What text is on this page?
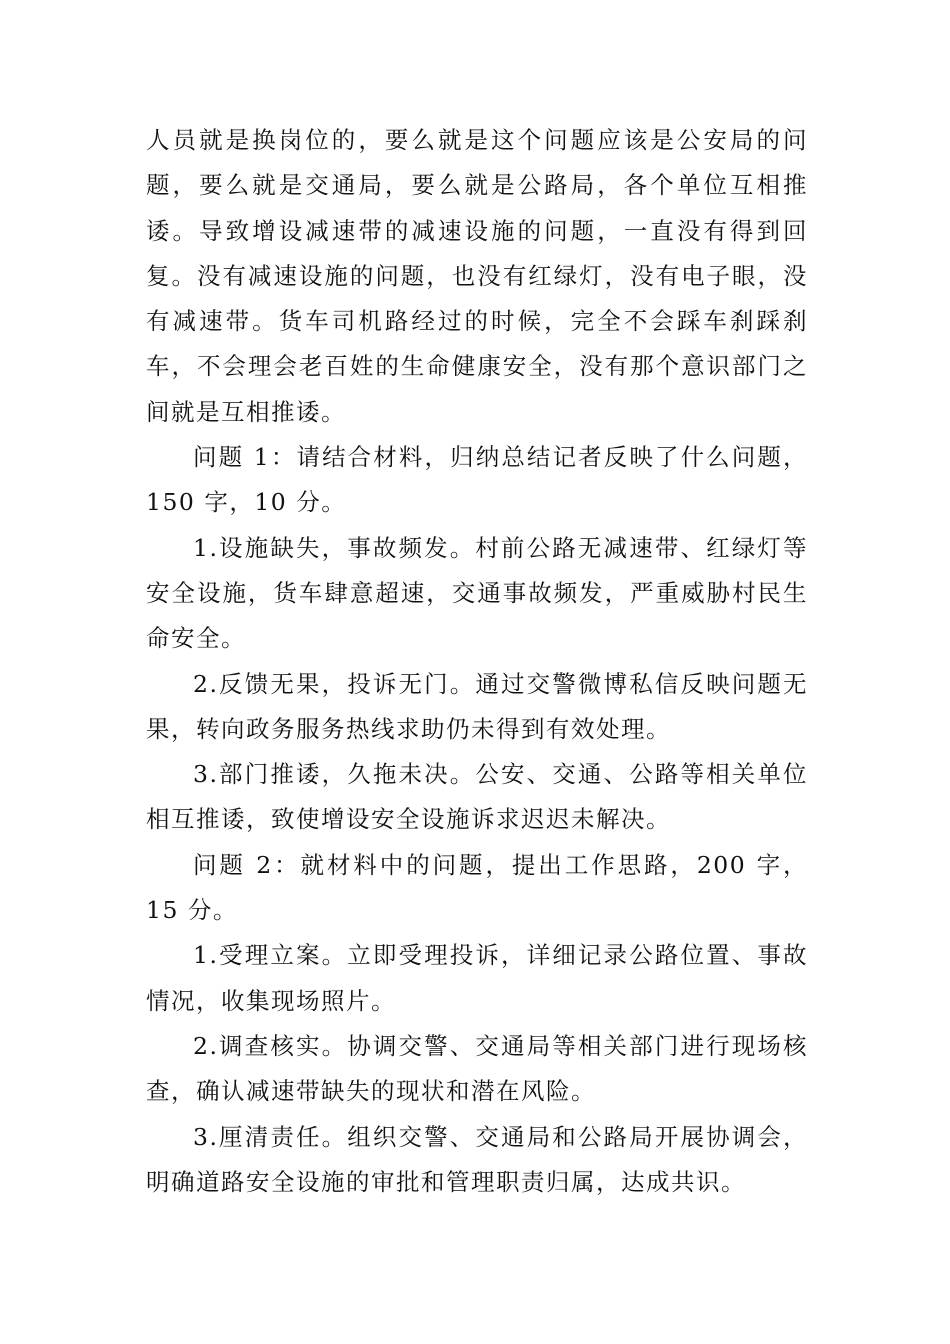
人员就是换岗位的，要么就是这个问题应该是公安局的问题，要么就是交通局，要么就是公路局，各个单位互相推诿。导致增设减速带的减速设施的问题，一直没有得到回复。没有减速设施的问题，也没有红绿灯，没有电子眼，没有减速带。货车司机路经过的时候，完全不会踩车刹踩刹车，不会理会老百姓的生命健康安全，没有那个意识部门之间就是互相推诿。

问题 1：请结合材料，归纳总结记者反映了什么问题，150 字，10 分。

1.设施缺失，事故频发。村前公路无减速带、红绿灯等安全设施，货车肆意超速，交通事故频发，严重威胁村民生命安全。

2.反馈无果，投诉无门。通过交警微博私信反映问题无果，转向政务服务热线求助仍未得到有效处理。

3.部门推诿，久拖未决。公安、交通、公路等相关单位相互推诿，致使增设安全设施诉求迟迟未解决。

问题 2：就材料中的问题，提出工作思路，200 字，15 分。

1.受理立案。立即受理投诉，详细记录公路位置、事故情况，收集现场照片。

2.调查核实。协调交警、交通局等相关部门进行现场核查，确认减速带缺失的现状和潜在风险。

3.厘清责任。组织交警、交通局和公路局开展协调会，明确道路安全设施的审批和管理职责归属，达成共识。
